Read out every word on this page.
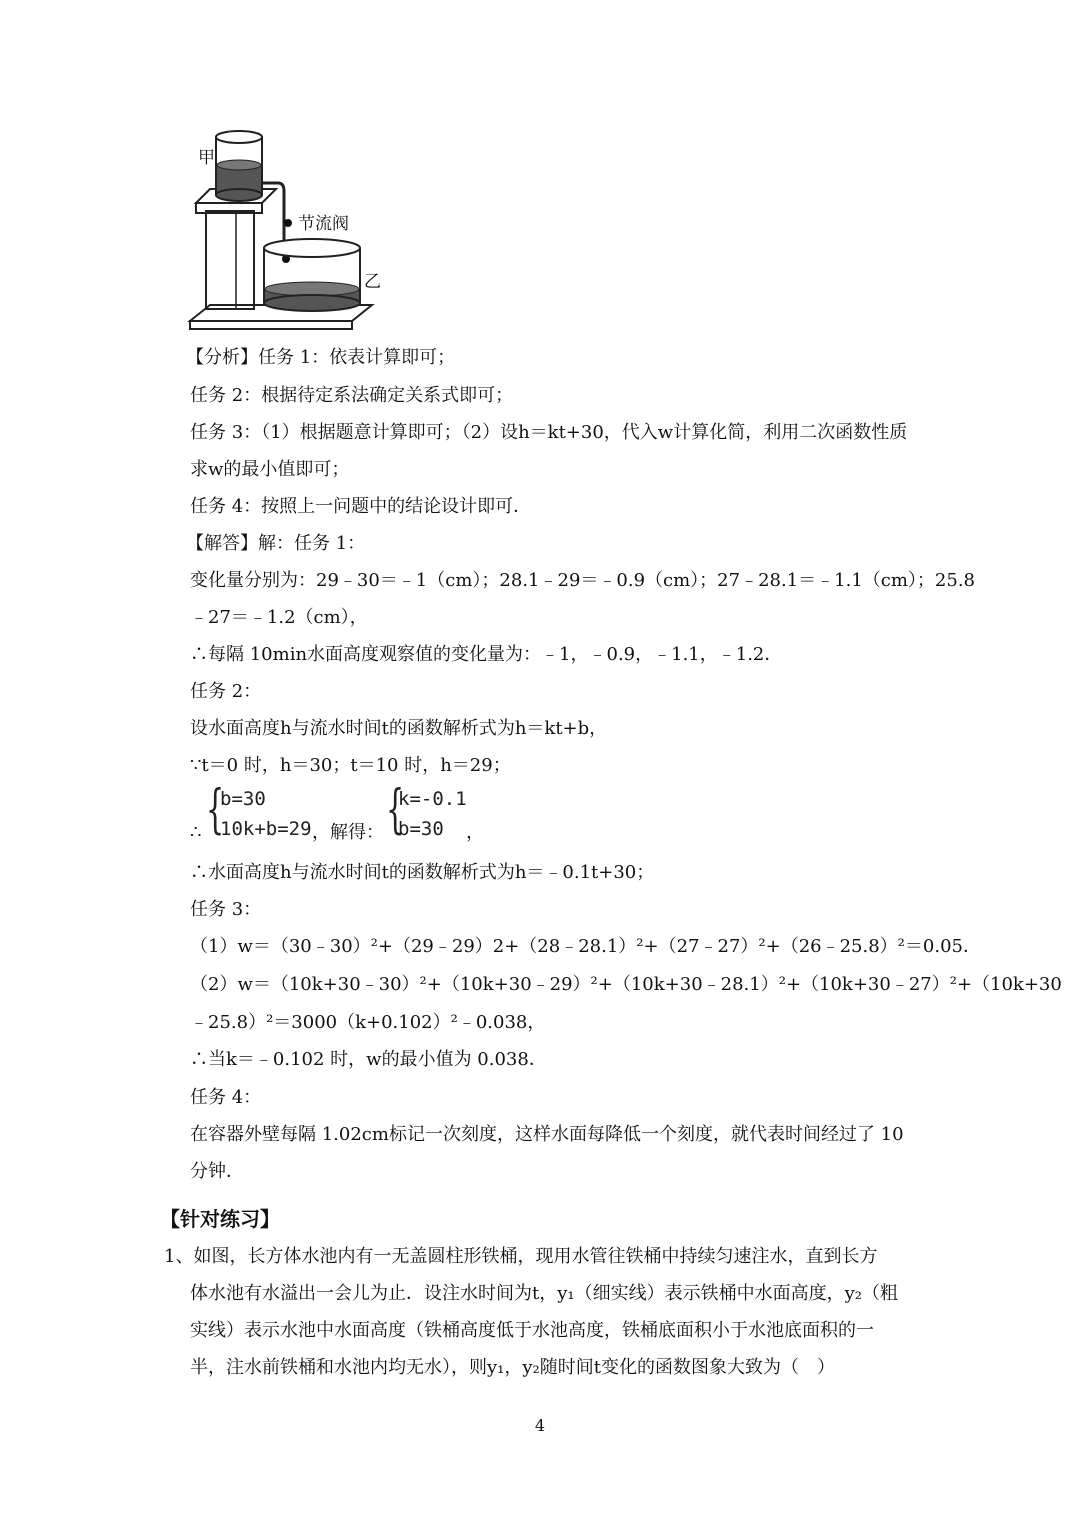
甲
节流阀
乙
【分析】任务 1：依表计算即可；
任务 2：根据待定系法确定关系式即可；
任务 3：（1）根据题意计算即可；（2）设h＝kt+30，代入w计算化简，利用二次函数性质
求w的最小值即可；
任务 4：按照上一问题中的结论设计即可．
【解答】解：任务 1：
变化量分别为：29﹣30＝﹣1（cm）；28.1﹣29＝﹣0.9（cm）；27﹣28.1＝﹣1.1（cm）；25.8
﹣27＝﹣1.2（cm），
∴每隔 10min水面高度观察值的变化量为：﹣1，﹣0.9，﹣1.1，﹣1.2．
任务 2：
设水面高度h与流水时间t的函数解析式为h＝kt+b，
∵t＝0 时，h＝30；t＝10 时，h＝29；
∴ {
b=30
10k+b=29 ，解得： {
k=-0.1
b=30 ，
∴水面高度h与流水时间t的函数解析式为h＝﹣0.1t+30；
任务 3：
（1）w＝（30﹣30）²+（29﹣29）2+（28﹣28.1）²+（27﹣27）²+（26﹣25.8）²＝0.05．
（2）w＝（10k+30﹣30）²+（10k+30﹣29）²+（10k+30﹣28.1）²+（10k+30﹣27）²+（10k+30
﹣25.8）²＝3000（k+0.102）²﹣0.038，
∴当k＝﹣0.102 时，w的最小值为 0.038．
任务 4：
在容器外壁每隔 1.02cm标记一次刻度，这样水面每降低一个刻度，就代表时间经过了 10
分钟．
【针对练习】
1、如图，长方体水池内有一无盖圆柱形铁桶，现用水管往铁桶中持续匀速注水，直到长方
体水池有水溢出一会儿为止．设注水时间为t，y₁（细实线）表示铁桶中水面高度，y₂（粗
实线）表示水池中水面高度（铁桶高度低于水池高度，铁桶底面积小于水池底面积的一
半，注水前铁桶和水池内均无水），则y₁，y₂随时间t变化的函数图象大致为（　）
4
